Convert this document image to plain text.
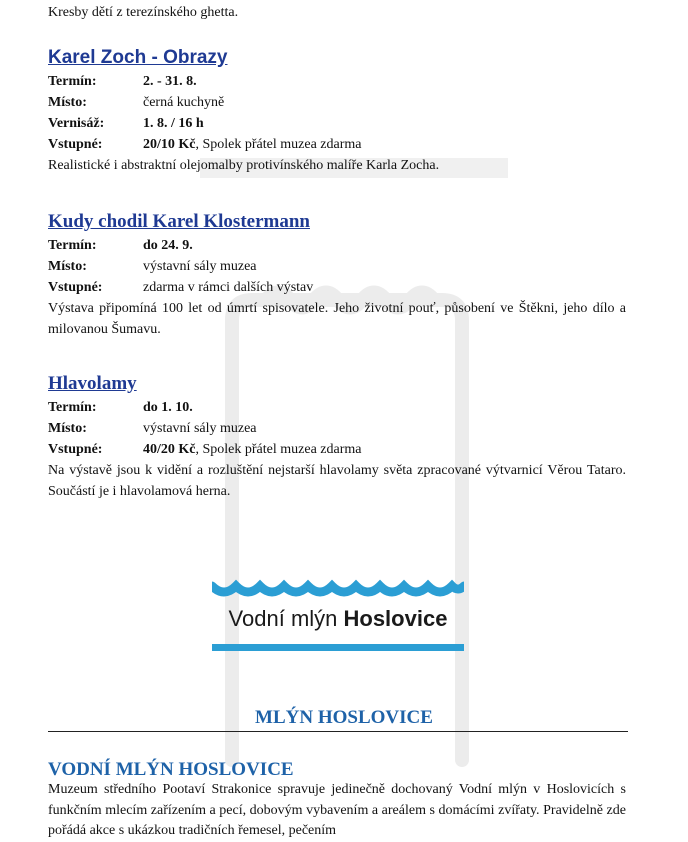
Kresby dětí z terezínského ghetta.
Karel Zoch - Obrazy
Termín:	2. - 31. 8.
Místo:	černá kuchyně
Vernisáž:	1. 8. / 16 h
Vstupné:	20/10 Kč, Spolek přátel muzea zdarma
Realistické i abstraktní olejomalby protivínského malíře Karla Zocha.
Kudy chodil Karel Klostermann
Termín:	do 24. 9.
Místo:	výstavní sály muzea
Vstupné:	zdarma v rámci dalších výstav
Výstava připomíná 100 let od úmrtí spisovatele. Jeho životní pouť, působení ve Štěkni, jeho dílo a milovanou Šumavu.
Hlavolamy
Termín:	do 1. 10.
Místo:	výstavní sály muzea
Vstupné:	40/20 Kč, Spolek přátel muzea zdarma
Na výstavě jsou k vidění a rozluštění nejstarší hlavolamy světa zpracované výtvarnicí Věrou Tataro. Součástí je i hlavolamová herna.
Vodní mlýn Hoslovice
MLÝN HOSLOVICE
VODNÍ MLÝN HOSLOVICE
Muzeum středního Pootaví Strakonice spravuje jedinečně dochovaný Vodní mlýn v Hoslovicích s funkčním mlecím zařízením a pecí, dobovým vybavením a areálem s domácími zvířaty. Pravidelně zde pořádá akce s ukázkou tradičních řemesel, pečením
